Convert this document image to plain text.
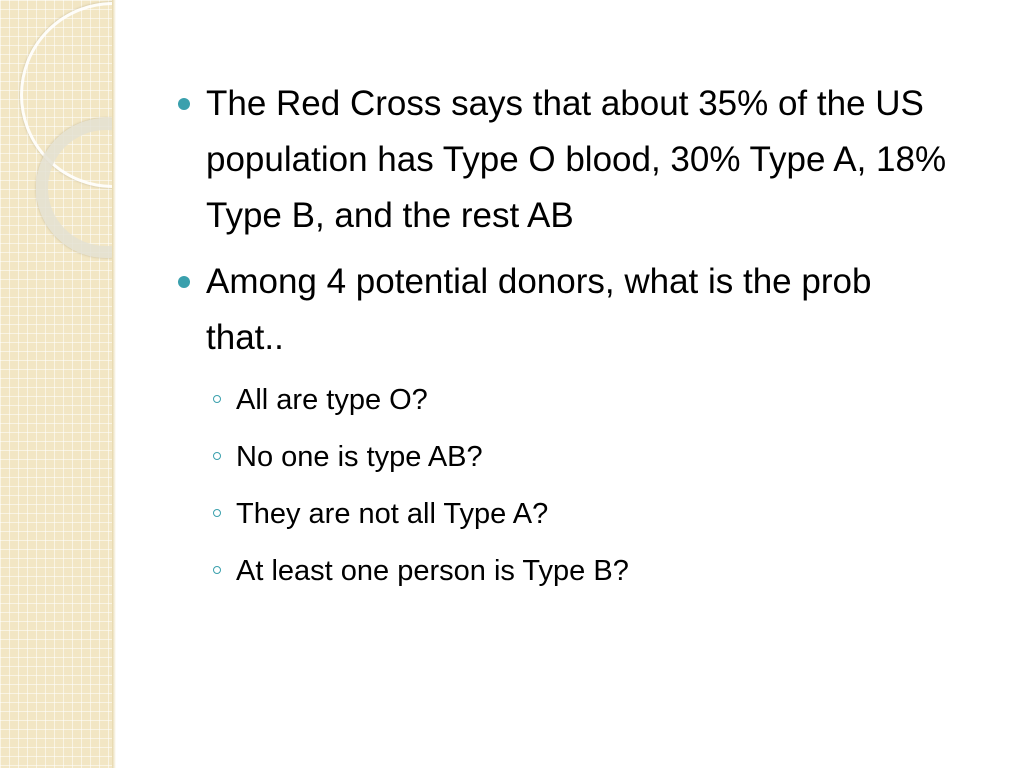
The Red Cross says that about 35% of the US population has Type O blood, 30% Type A, 18% Type B, and the rest AB
Among 4 potential donors, what is the prob that..
All are type O?
No one is type AB?
They are not all Type A?
At least one person is Type B?
